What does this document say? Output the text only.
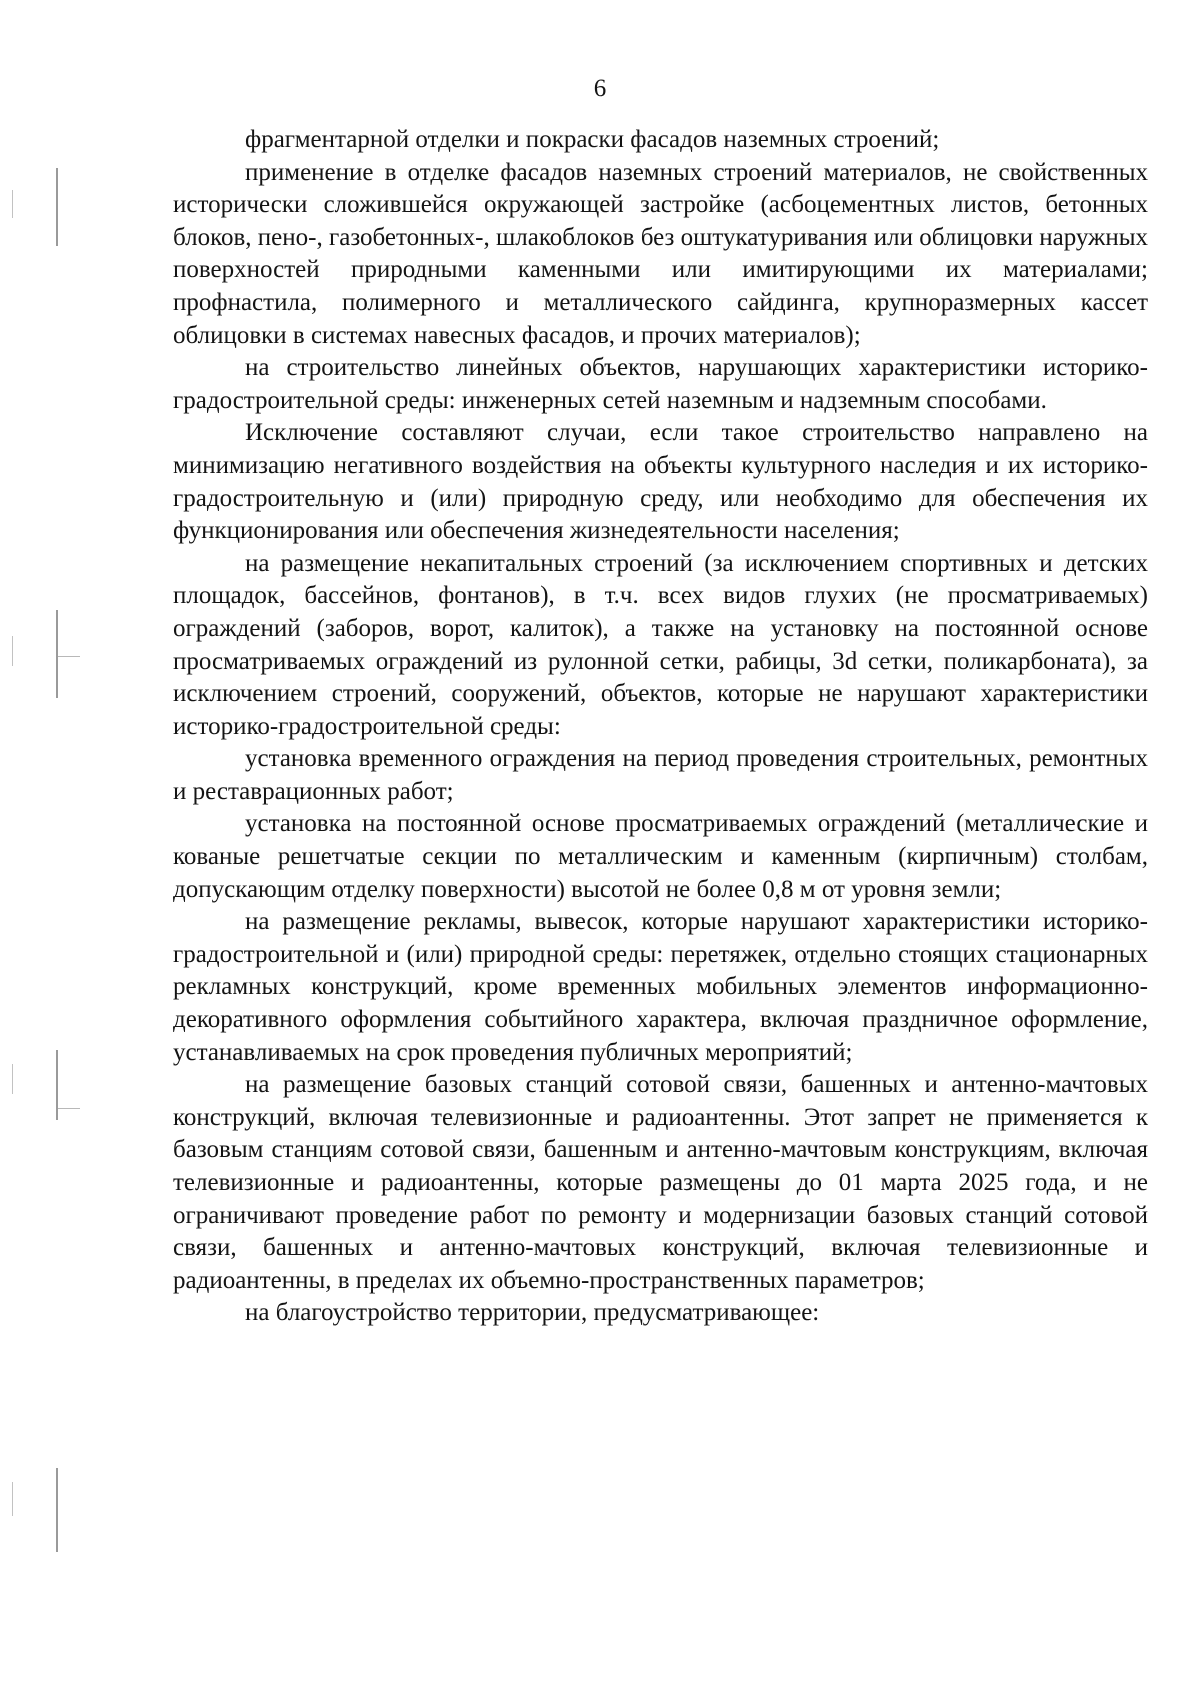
6

фрагментарной отделки и покраски фасадов наземных строений;

применение в отделке фасадов наземных строений материалов, не свойственных исторически сложившейся окружающей застройке (асбоцементных листов, бетонных блоков, пено-, газобетонных-, шлакоблоков без оштукатуривания или облицовки наружных поверхностей природными каменными или имитирующими их материалами; профнастила, полимерного и металлического сайдинга, крупноразмерных кассет облицовки в системах навесных фасадов, и прочих материалов);

на строительство линейных объектов, нарушающих характеристики историко-градостроительной среды: инженерных сетей наземным и надземным способами.

Исключение составляют случаи, если такое строительство направлено на минимизацию негативного воздействия на объекты культурного наследия и их историко-градостроительную и (или) природную среду, или необходимо для обеспечения их функционирования или обеспечения жизнедеятельности населения;

на размещение некапитальных строений (за исключением спортивных и детских площадок, бассейнов, фонтанов), в т.ч. всех видов глухих (не просматриваемых) ограждений (заборов, ворот, калиток), а также на установку на постоянной основе просматриваемых ограждений из рулонной сетки, рабицы, 3d сетки, поликарбоната), за исключением строений, сооружений, объектов, которые не нарушают характеристики историко-градостроительной среды:

установка временного ограждения на период проведения строительных, ремонтных и реставрационных работ;

установка на постоянной основе просматриваемых ограждений (металлические и кованые решетчатые секции по металлическим и каменным (кирпичным) столбам, допускающим отделку поверхности) высотой не более 0,8 м от уровня земли;

на размещение рекламы, вывесок, которые нарушают характеристики историко-градостроительной и (или) природной среды: перетяжек, отдельно стоящих стационарных рекламных конструкций, кроме временных мобильных элементов информационно-декоративного оформления событийного характера, включая праздничное оформление, устанавливаемых на срок проведения публичных мероприятий;

на размещение базовых станций сотовой связи, башенных и антенно-мачтовых конструкций, включая телевизионные и радиоантенны. Этот запрет не применяется к базовым станциям сотовой связи, башенным и антенно-мачтовым конструкциям, включая телевизионные и радиоантенны, которые размещены до 01 марта 2025 года, и не ограничивают проведение работ по ремонту и модернизации базовых станций сотовой связи, башенных и антенно-мачтовых конструкций, включая телевизионные и радиоантенны, в пределах их объемно-пространственных параметров;

на благоустройство территории, предусматривающее:
